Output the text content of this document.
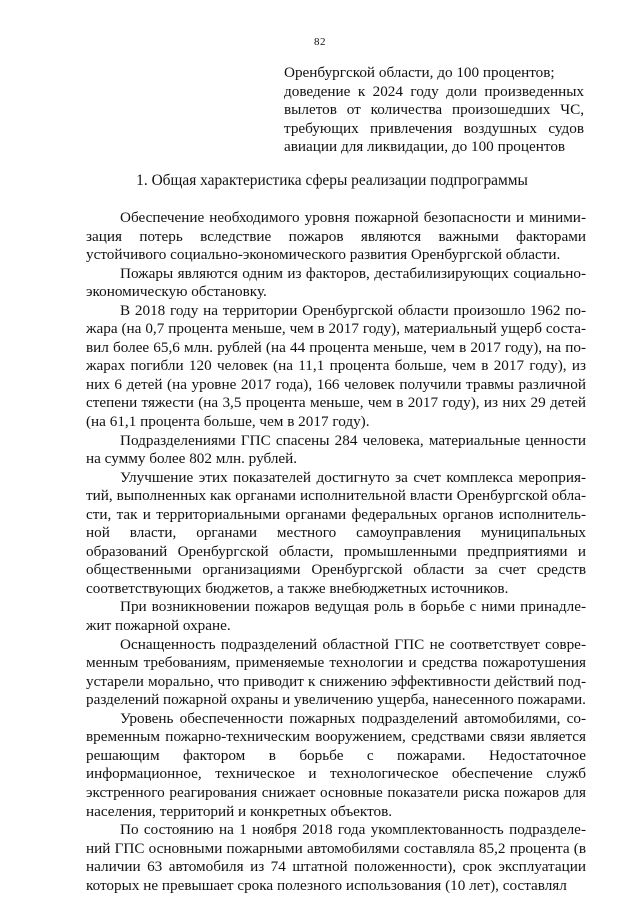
82
Оренбургской области, до 100 процентов;
доведение к 2024 году доли произведенных
вылетов от количества произошедших ЧС,
требующих привлечения воздушных судов
авиации для ликвидации, до 100 процентов
1. Общая характеристика сферы реализации подпрограммы

Обеспечение необходимого уровня пожарной безопасности и минимизация потерь вследствие пожаров являются важными факторами устойчивого социально-экономического развития Оренбургской области.

Пожары являются одним из факторов, дестабилизирующих социально-экономическую обстановку.

В 2018 году на территории Оренбургской области произошло 1962 пожара (на 0,7 процента меньше, чем в 2017 году), материальный ущерб составил более 65,6 млн. рублей (на 44 процента меньше, чем в 2017 году), на пожарах погибли 120 человек (на 11,1 процента больше, чем в 2017 году), из них 6 детей (на уровне 2017 года), 166 человек получили травмы различной степени тяжести (на 3,5 процента меньше, чем в 2017 году), из них 29 детей (на 61,1 процента больше, чем в 2017 году).

Подразделениями ГПС спасены 284 человека, материальные ценности на сумму более 802 млн. рублей.

Улучшение этих показателей достигнуто за счет комплекса мероприятий, выполненных как органами исполнительной власти Оренбургской области, так и территориальными органами федеральных органов исполнительной власти, органами местного самоуправления муниципальных образований Оренбургской области, промышленными предприятиями и общественными организациями Оренбургской области за счет средств соответствующих бюджетов, а также внебюджетных источников.

При возникновении пожаров ведущая роль в борьбе с ними принадлежит пожарной охране.

Оснащенность подразделений областной ГПС не соответствует современным требованиям, применяемые технологии и средства пожаротушения устарели морально, что приводит к снижению эффективности действий подразделений пожарной охраны и увеличению ущерба, нанесенного пожарами.

Уровень обеспеченности пожарных подразделений автомобилями, современным пожарно-техническим вооружением, средствами связи является решающим фактором в борьбе с пожарами. Недостаточное информационное, техническое и технологическое обеспечение служб экстренного реагирования снижает основные показатели риска пожаров для населения, территорий и конкретных объектов.

По состоянию на 1 ноября 2018 года укомплектованность подразделений ГПС основными пожарными автомобилями составляла 85,2 процента (в наличии 63 автомобиля из 74 штатной положенности), срок эксплуатации которых не превышает срока полезного использования (10 лет), составлял
